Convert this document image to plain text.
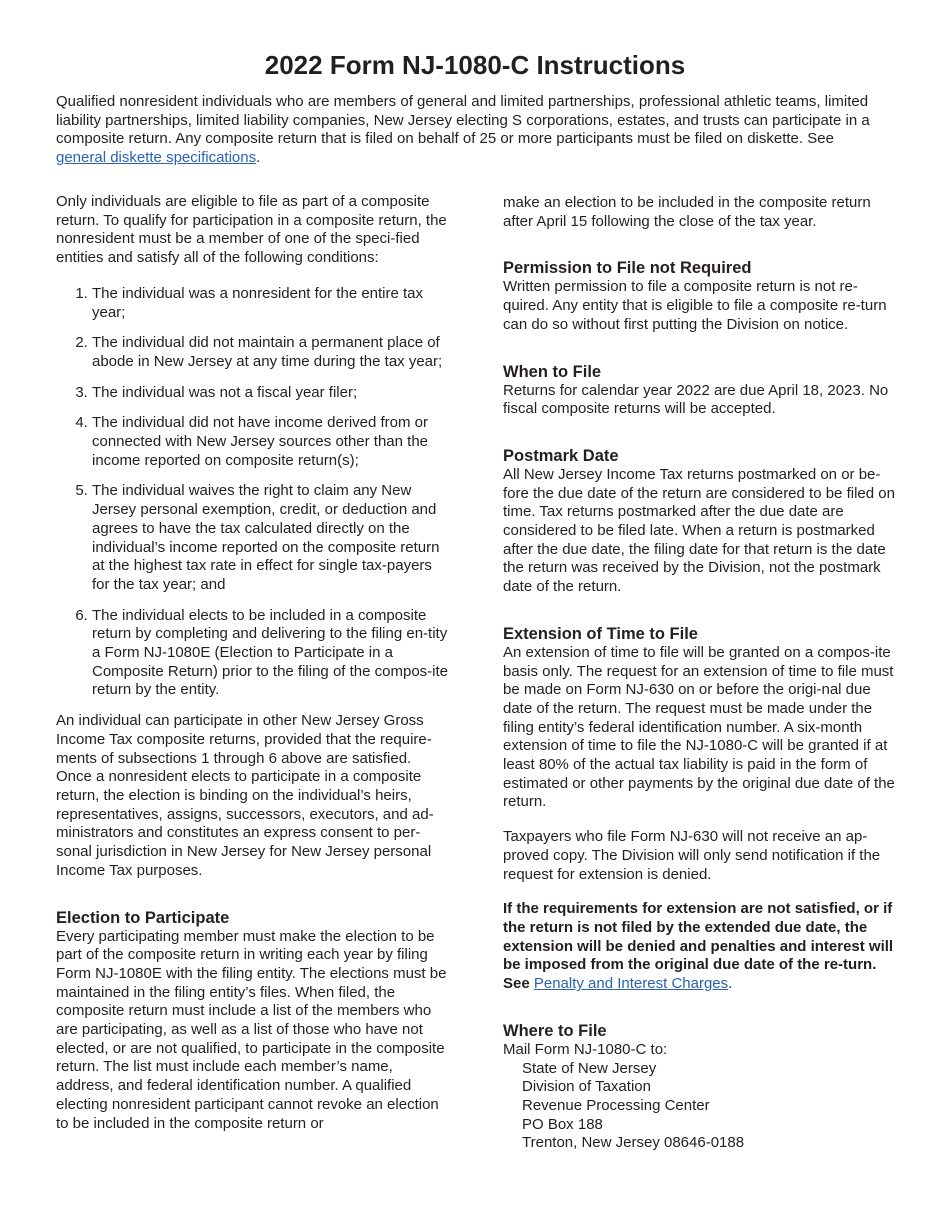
2022 Form NJ-1080-C Instructions

Qualified nonresident individuals who are members of general and limited partnerships, professional athletic teams, limited liability partnerships, limited liability companies, New Jersey electing S corporations, estates, and trusts can participate in a composite return. Any composite return that is filed on behalf of 25 or more participants must be filed on diskette. See general diskette specifications.

Only individuals are eligible to file as part of a composite return. To qualify for participation in a composite return, the nonresident must be a member of one of the speci-fied entities and satisfy all of the following conditions:

1. The individual was a nonresident for the entire tax year;
2. The individual did not maintain a permanent place of abode in New Jersey at any time during the tax year;
3. The individual was not a fiscal year filer;
4. The individual did not have income derived from or connected with New Jersey sources other than the income reported on composite return(s);
5. The individual waives the right to claim any New Jersey personal exemption, credit, or deduction and agrees to have the tax calculated directly on the individual’s income reported on the composite return at the highest tax rate in effect for single tax-payers for the tax year; and
6. The individual elects to be included in a composite return by completing and delivering to the filing en-tity a Form NJ-1080E (Election to Participate in a Composite Return) prior to the filing of the compos-ite return by the entity.

An individual can participate in other New Jersey Gross Income Tax composite returns, provided that the require-ments of subsections 1 through 6 above are satisfied. Once a nonresident elects to participate in a composite return, the election is binding on the individual’s heirs, representatives, assigns, successors, executors, and ad-ministrators and constitutes an express consent to per-sonal jurisdiction in New Jersey for New Jersey personal Income Tax purposes.

Election to Participate

Every participating member must make the election to be part of the composite return in writing each year by filing Form NJ-1080E with the filing entity. The elections must be maintained in the filing entity’s files. When filed, the composite return must include a list of the members who are participating, as well as a list of those who have not elected, or are not qualified, to participate in the composite return. The list must include each member’s name, address, and federal identification number. A qualified electing nonresident participant cannot revoke an election to be included in the composite return or

make an election to be included in the composite return after April 15 following the close of the tax year.

Permission to File not Required

Written permission to file a composite return is not re-quired. Any entity that is eligible to file a composite re-turn can do so without first putting the Division on notice.

When to File

Returns for calendar year 2022 are due April 18, 2023. No fiscal composite returns will be accepted.

Postmark Date

All New Jersey Income Tax returns postmarked on or be-fore the due date of the return are considered to be filed on time. Tax returns postmarked after the due date are considered to be filed late. When a return is postmarked after the due date, the filing date for that return is the date the return was received by the Division, not the postmark date of the return.

Extension of Time to File

An extension of time to file will be granted on a compos-ite basis only. The request for an extension of time to file must be made on Form NJ-630 on or before the origi-nal due date of the return. The request must be made under the filing entity’s federal identification number. A six-month extension of time to file the NJ-1080-C will be granted if at least 80% of the actual tax liability is paid in the form of estimated or other payments by the original due date of the return.

Taxpayers who file Form NJ-630 will not receive an ap-proved copy. The Division will only send notification if the request for extension is denied.

If the requirements for extension are not satisfied, or if the return is not filed by the extended due date, the extension will be denied and penalties and interest will be imposed from the original due date of the re-turn. See Penalty and Interest Charges.

Where to File

Mail Form NJ-1080-C to:

State of New Jersey
Division of Taxation
Revenue Processing Center
PO Box 188
Trenton, New Jersey 08646-0188
